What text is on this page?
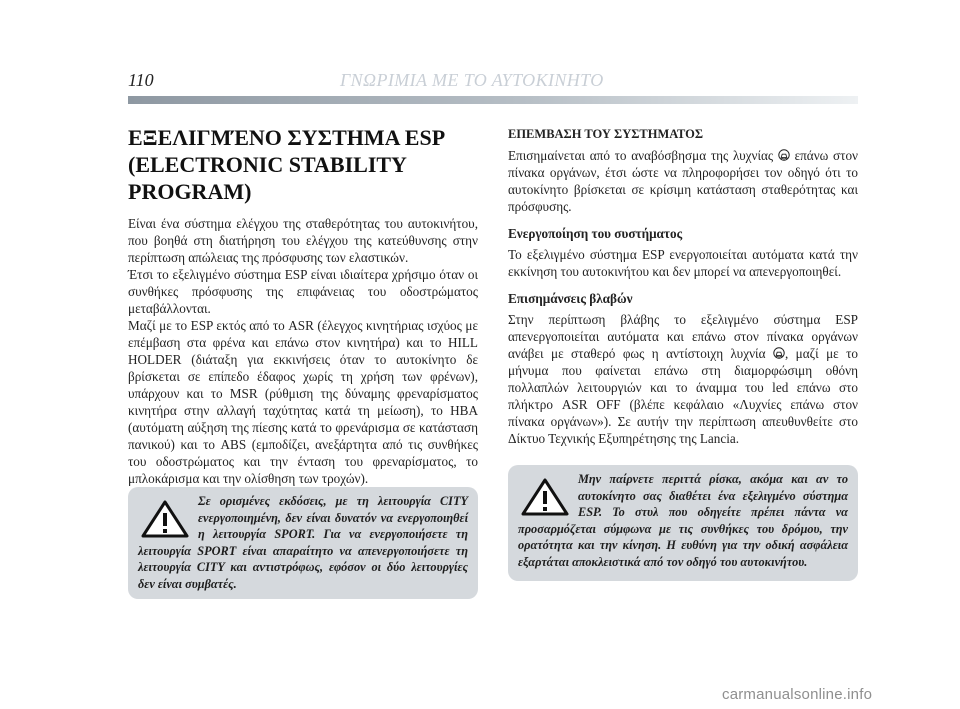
110	ΓΝΩΡΙΜΙΑ ΜΕ ΤΟ ΑΥΤΟΚΙΝΗΤΟ
ΕΞΕΛΙΓΜΈΝΟ ΣΥΣΤΗΜΑ ESP (ELECTRONIC STABILITY PROGRAM)

Είναι ένα σύστημα ελέγχου της σταθερότητας του αυτοκινήτου, που βοηθά στη διατήρηση του ελέγχου της κατεύθυνσης στην περίπτωση απώλειας της πρόσφυσης των ελαστικών.

Έτσι το εξελιγμένο σύστημα ESP είναι ιδιαίτερα χρήσιμο όταν οι συνθήκες πρόσφυσης της επιφάνειας του οδοστρώματος μεταβάλλονται.

Μαζί με το ESP εκτός από το ASR (έλεγχος κινητήριας ισχύος με επέμβαση στα φρένα και επάνω στον κινητήρα) και το HILL HOLDER (διάταξη για εκκινήσεις όταν το αυτοκίνητο δε βρίσκεται σε επίπεδο έδαφος χωρίς τη χρήση των φρένων), υπάρχουν και το MSR (ρύθμιση της δύναμης φρεναρίσματος κινητήρα στην αλλαγή ταχύτητας κατά τη μείωση), το HBA (αυτόματη αύξηση της πίεσης κατά το φρενάρισμα σε κατάσταση πανικού) και το ABS (εμποδίζει, ανεξάρτητα από τις συνθήκες του οδοστρώματος και την ένταση του φρεναρίσματος, το μπλοκάρισμα και την ολίσθηση των τροχών).

Σε ορισμένες εκδόσεις, με τη λειτουργία CITY ενεργοποιημένη, δεν είναι δυνατόν να ενεργοποιηθεί η λειτουργία SPORT. Για να ενεργοποιήσετε τη λειτουργία SPORT είναι απαραίτητο να απενεργοποιήσετε τη λειτουργία CITY και αντιστρόφως, εφόσον οι δύο λειτουργίες δεν είναι συμβατές.
ΕΠΕΜΒΑΣΗ ΤΟΥ ΣΥΣΤΗΜΑΤΟΣ

Επισημαίνεται από το αναβόσβησμα της λυχνίας επάνω στον πίνακα οργάνων, έτσι ώστε να πληροφορήσει τον οδηγό ότι το αυτοκίνητο βρίσκεται σε κρίσιμη κατάσταση σταθερότητας και πρόσφυσης.

Ενεργοποίηση του συστήματος

Το εξελιγμένο σύστημα ESP ενεργοποιείται αυτόματα κατά την εκκίνηση του αυτοκινήτου και δεν μπορεί να απενεργοποιηθεί.

Επισημάνσεις βλαβών

Στην περίπτωση βλάβης το εξελιγμένο σύστημα ESP απενεργοποιείται αυτόματα και επάνω στον πίνακα οργάνων ανάβει με σταθερό φως η αντίστοιχη λυχνία , μαζί με το μήνυμα που φαίνεται επάνω στη διαμορφώσιμη οθόνη πολλαπλών λειτουργιών και το άναμμα του led επάνω στο πλήκτρο ASR OFF (βλέπε κεφάλαιο «Λυχνίες επάνω στον πίνακα οργάνων»). Σε αυτήν την περίπτωση απευθυνθείτε στο Δίκτυο Τεχνικής Εξυπηρέτησης της Lancia.

Μην παίρνετε περιττά ρίσκα, ακόμα και αν το αυτοκίνητο σας διαθέτει ένα εξελιγμένο σύστημα ESP. Το στυλ που οδηγείτε πρέπει πάντα να προσαρμόζεται σύμφωνα με τις συνθήκες του δρόμου, την ορατότητα και την κίνηση. Η ευθύνη για την οδική ασφάλεια εξαρτάται αποκλειστικά από τον οδηγό του αυτοκινήτου.
carmanualsonline.info
